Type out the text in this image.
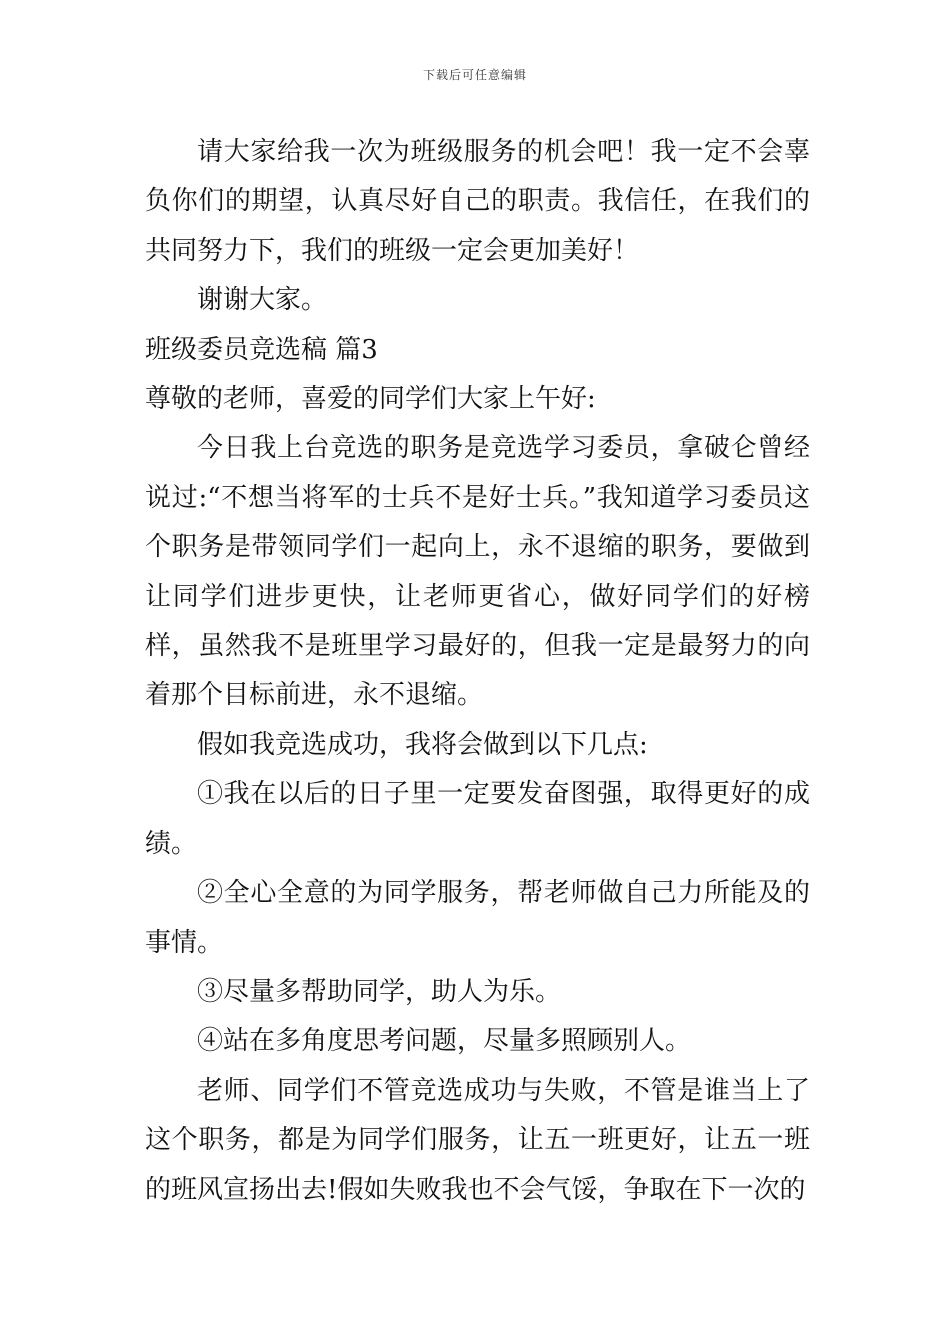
下载后可任意编辑

请大家给我一次为班级服务的机会吧！我一定不会辜负你们的期望，认真尽好自己的职责。我信任，在我们的共同努力下，我们的班级一定会更加美好！

谢谢大家。

班级委员竞选稿 篇3

尊敬的老师，喜爱的同学们大家上午好:

今日我上台竞选的职务是竞选学习委员，拿破仑曾经说过:“不想当将军的士兵不是好士兵。”我知道学习委员这个职务是带领同学们一起向上，永不退缩的职务，要做到让同学们进步更快，让老师更省心，做好同学们的好榜样，虽然我不是班里学习最好的，但我一定是最努力的向着那个目标前进，永不退缩。

假如我竞选成功，我将会做到以下几点:

①我在以后的日子里一定要发奋图强，取得更好的成绩。

②全心全意的为同学服务，帮老师做自己力所能及的事情。

③尽量多帮助同学，助人为乐。

④站在多角度思考问题，尽量多照顾别人。

老师、同学们不管竞选成功与失败，不管是谁当上了这个职务，都是为同学们服务，让五一班更好，让五一班的班风宣扬出去!假如失败我也不会气馁，争取在下一次的
